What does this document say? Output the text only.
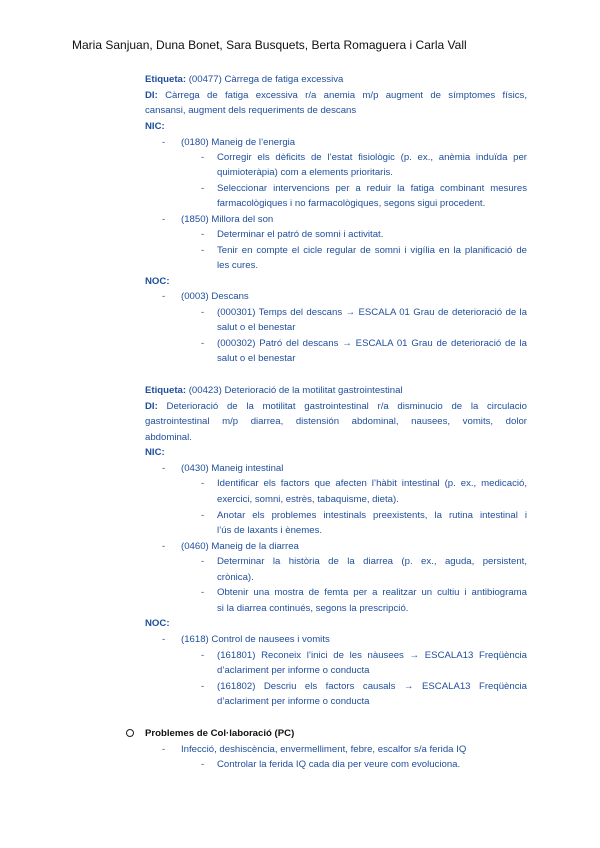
Maria Sanjuan, Duna Bonet, Sara Busquets, Berta Romaguera i Carla Vall
Etiqueta: (00477) Càrrega de fatiga excessiva
DI: Càrrega de fatiga excessiva r/a anemia m/p augment de símptomes físics,
cansansi, augment dels requeriments de descans
NIC:
- (0180) Maneig de l’energia
- Corregir els dèficits de l’estat fisiològic (p. ex., anèmia induïda per
quimioteràpia) com a elements prioritaris.
- Seleccionar intervencions per a reduir la fatiga combinant mesures
farmacològiques i no farmacològiques, segons sigui procedent.
- (1850) Millora del son
- Determinar el patró de somni i activitat.
- Tenir en compte el cicle regular de somni i vigília en la planificació de
les cures.
NOC:
- (0003) Descans
- (000301) Temps del descans → ESCALA 01 Grau de deterioració de la
salut o el benestar
- (000302) Patró del descans → ESCALA 01 Grau de deterioració de la
salut o el benestar
Etiqueta: (00423) Deterioració de la motilitat gastrointestinal
DI: Deterioració de la motilitat gastrointestinal r/a disminucio de la circulacio
gastrointestinal m/p diarrea, distensión abdominal, nausees, vomits, dolor
abdominal.
NIC:
- (0430) Maneig intestinal
- Identificar els factors que afecten l’hàbit intestinal (p. ex., medicació,
exercici, somni, estrès, tabaquisme, dieta).
- Anotar els problemes intestinals preexistents, la rutina intestinal i
l’ús de laxants i ènemes.
- (0460) Maneig de la diarrea
- Determinar la història de la diarrea (p. ex., aguda, persistent,
crònica).
- Obtenir una mostra de femta per a realitzar un cultiu i antibiograma
si la diarrea continués, segons la prescripció.
NOC:
- (1618) Control de nausees i vomits
- (161801) Reconeix l’inici de les nàusees → ESCALA13 Freqüència
d’aclariment per informe o conducta
- (161802) Descriu els factors causals → ESCALA13 Freqüència
d’aclariment per informe o conducta
Problemes de Col·laboració (PC)
- Infecció, deshiscència, envermelliment, febre, escalfor s/a ferida IQ
- Controlar la ferida IQ cada dia per veure com evoluciona.
